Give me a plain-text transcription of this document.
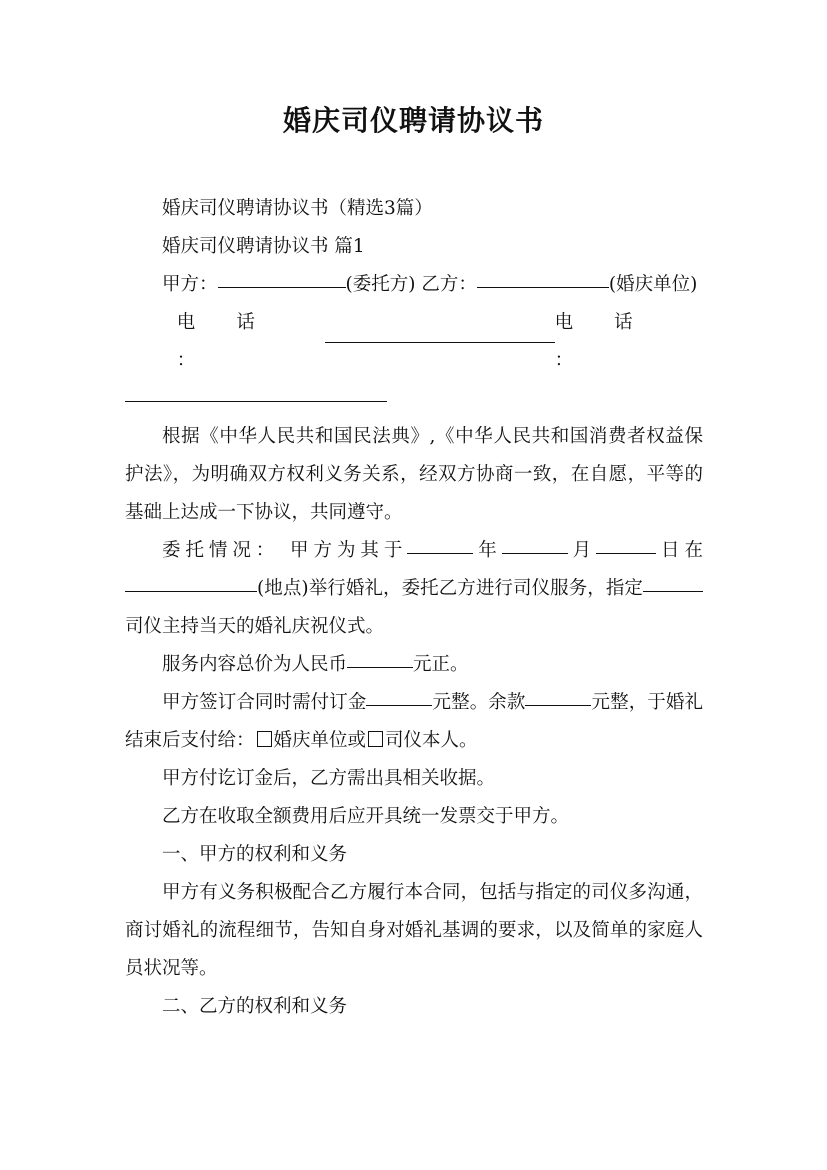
婚庆司仪聘请协议书

婚庆司仪聘请协议书（精选3篇）

婚庆司仪聘请协议书 篇1

甲方：	(委托方) 乙方：	(婚庆单位)

电 话 ：
电 话 ：

根据《中华人民共和国民法典》,《中华人民共和国消费者权益保护法》，为明确双方权利义务关系，经双方协商一致，在自愿，平等的基础上达成一下协议，共同遵守。

委托情况： 甲方为其于	年	月	日在(地点)举行婚礼，委托乙方进行司仪服务，指定司仪主持当天的婚礼庆祝仪式。

服务内容总价为人民币	元正。

甲方签订合同时需付订金	元整。余款	元整，于婚礼结束后支付给： 婚庆单位或 司仪本人。

甲方付讫订金后，乙方需出具相关收据。

乙方在收取全额费用后应开具统一发票交于甲方。

一、甲方的权利和义务

甲方有义务积极配合乙方履行本合同，包括与指定的司仪多沟通，商讨婚礼的流程细节，告知自身对婚礼基调的要求，以及简单的家庭人员状况等。

二、乙方的权利和义务
